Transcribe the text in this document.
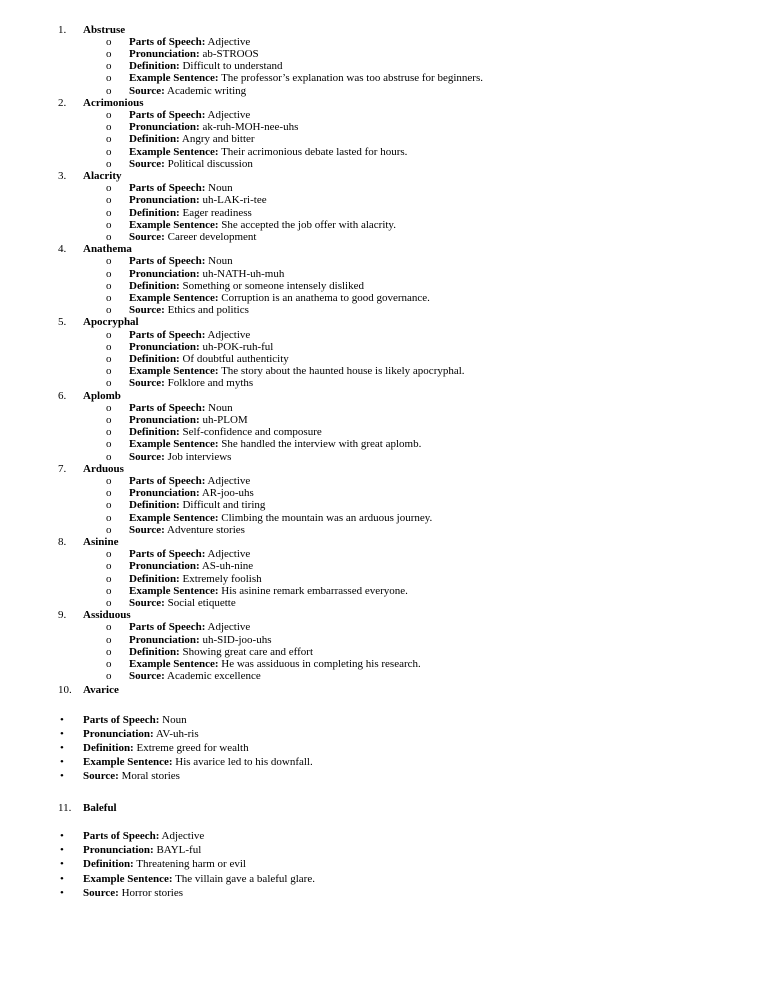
1.	Abstruse
o Parts of Speech: Adjective
o Pronunciation: ab-STROOS
o Definition: Difficult to understand
o Example Sentence: The professor’s explanation was too abstruse for beginners.
o Source: Academic writing
2.	Acrimonious
o Parts of Speech: Adjective
o Pronunciation: ak-ruh-MOH-nee-uhs
o Definition: Angry and bitter
o Example Sentence: Their acrimonious debate lasted for hours.
o Source: Political discussion
3.	Alacrity
o Parts of Speech: Noun
o Pronunciation: uh-LAK-ri-tee
o Definition: Eager readiness
o Example Sentence: She accepted the job offer with alacrity.
o Source: Career development
4.	Anathema
o Parts of Speech: Noun
o Pronunciation: uh-NATH-uh-muh
o Definition: Something or someone intensely disliked
o Example Sentence: Corruption is an anathema to good governance.
o Source: Ethics and politics
5.	Apocryphal
o Parts of Speech: Adjective
o Pronunciation: uh-POK-ruh-ful
o Definition: Of doubtful authenticity
o Example Sentence: The story about the haunted house is likely apocryphal.
o Source: Folklore and myths
6.	Aplomb
o Parts of Speech: Noun
o Pronunciation: uh-PLOM
o Definition: Self-confidence and composure
o Example Sentence: She handled the interview with great aplomb.
o Source: Job interviews
7.	Arduous
o Parts of Speech: Adjective
o Pronunciation: AR-joo-uhs
o Definition: Difficult and tiring
o Example Sentence: Climbing the mountain was an arduous journey.
o Source: Adventure stories
8.	Asinine
o Parts of Speech: Adjective
o Pronunciation: AS-uh-nine
o Definition: Extremely foolish
o Example Sentence: His asinine remark embarrassed everyone.
o Source: Social etiquette
9.	Assiduous
o Parts of Speech: Adjective
o Pronunciation: uh-SID-joo-uhs
o Definition: Showing great care and effort
o Example Sentence: He was assiduous in completing his research.
o Source: Academic excellence
10. Avarice
• Parts of Speech: Noun
• Pronunciation: AV-uh-ris
• Definition: Extreme greed for wealth
• Example Sentence: His avarice led to his downfall.
• Source: Moral stories
11. Baleful
• Parts of Speech: Adjective
• Pronunciation: BAYL-ful
• Definition: Threatening harm or evil
• Example Sentence: The villain gave a baleful glare.
• Source: Horror stories
